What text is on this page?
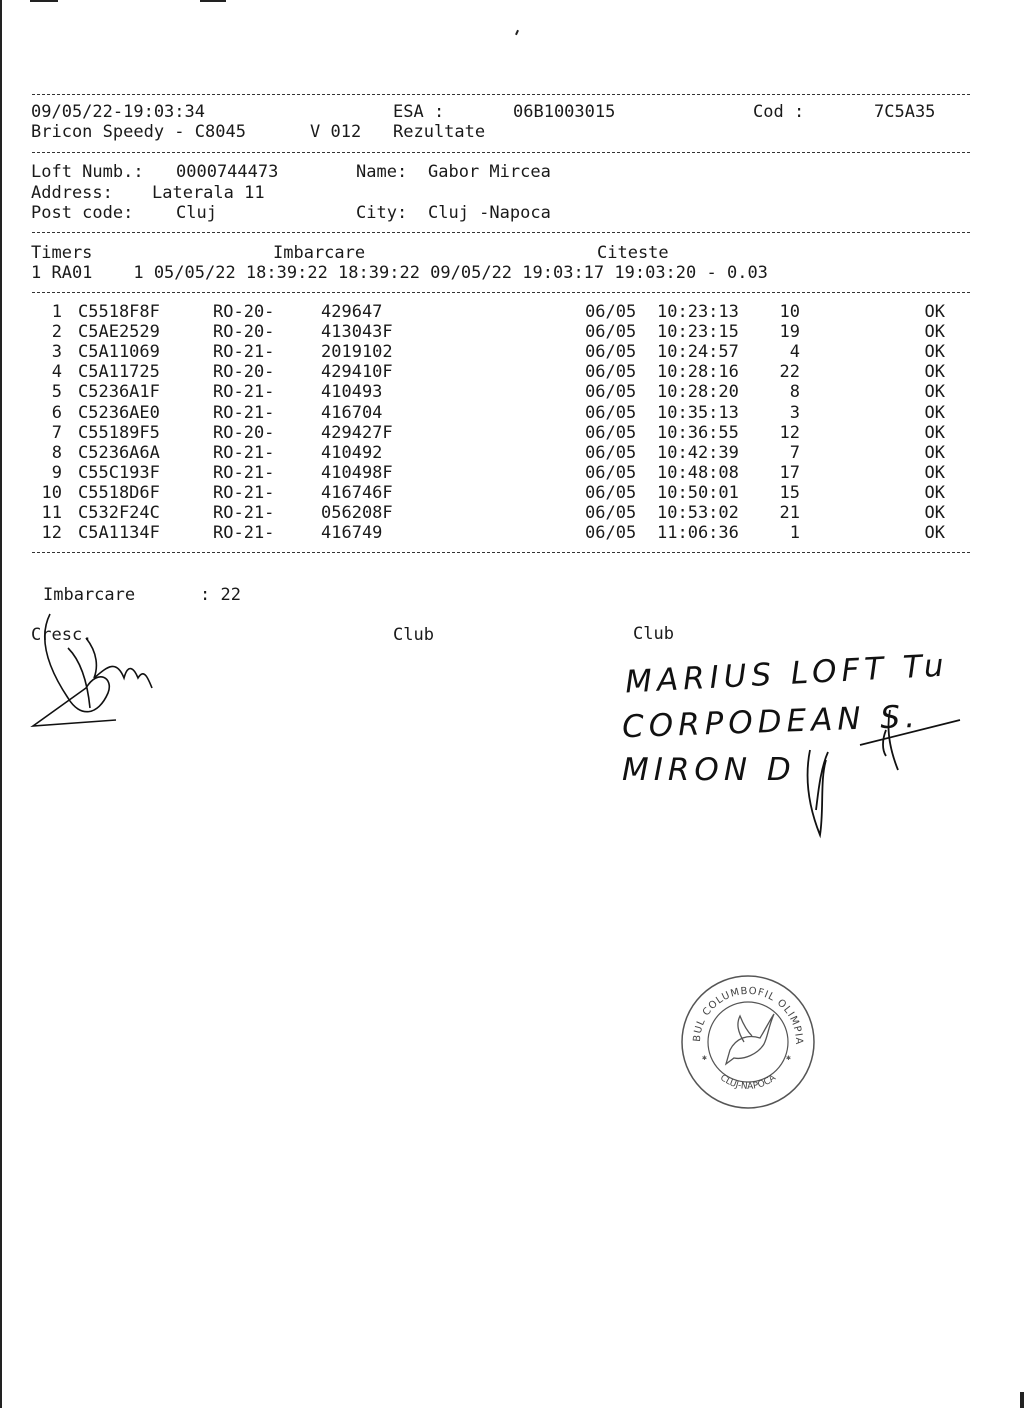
09/05/22-19:03:34	ESA :	06B1003015	Cod :	7C5A35
Bricon Speedy - C8045	V 012 Rezultate
Loft Numb.: 0000744473	Name: Gabor Mircea
Address: Laterala 11
Post code:	Cluj	City: Cluj -Napoca
Timers	Imbarcare	Citeste
1 RA01    1 05/05/22 18:39:22 18:39:22 09/05/22 19:03:17 19:03:20 - 0.03
1 C5518F8F	RO-20-	429647	06/05 10:23:13 10	OK
2 C5AE2529	RO-20-	413043F	06/05 10:23:15 19	OK
3 C5A11069	RO-21-	2019102	06/05 10:24:57	4	OK
4 C5A11725	RO-20-	429410F	06/05 10:28:16 22	OK
5 C5236A1F	RO-21-	410493	06/05 10:28:20	8	OK
6 C5236AE0	RO-21-	416704	06/05 10:35:13	3	OK
7 C55189F5	RO-20-	429427F	06/05 10:36:55 12	OK
8 C5236A6A	RO-21-	410492	06/05 10:42:39	7	OK
9 C55C193F	RO-21-	410498F	06/05 10:48:08 17	OK
10 C5518D6F	RO-21-	416746F	06/05 10:50:01 15	OK
11 C532F24C	RO-21-	056208F	06/05 10:53:02 21	OK
12 C5A1134F	RO-21-	416749	06/05 11:06:36	1	OK
Imbarcare	: 22
Cresc.	Club	Club
MARIUS LOFT Tu
CORPODEAN S.
MIRON D
CLUBUL COLUMBOFIL OLIMPIA 94
CLUJ-NAPOCA
✱	✱
